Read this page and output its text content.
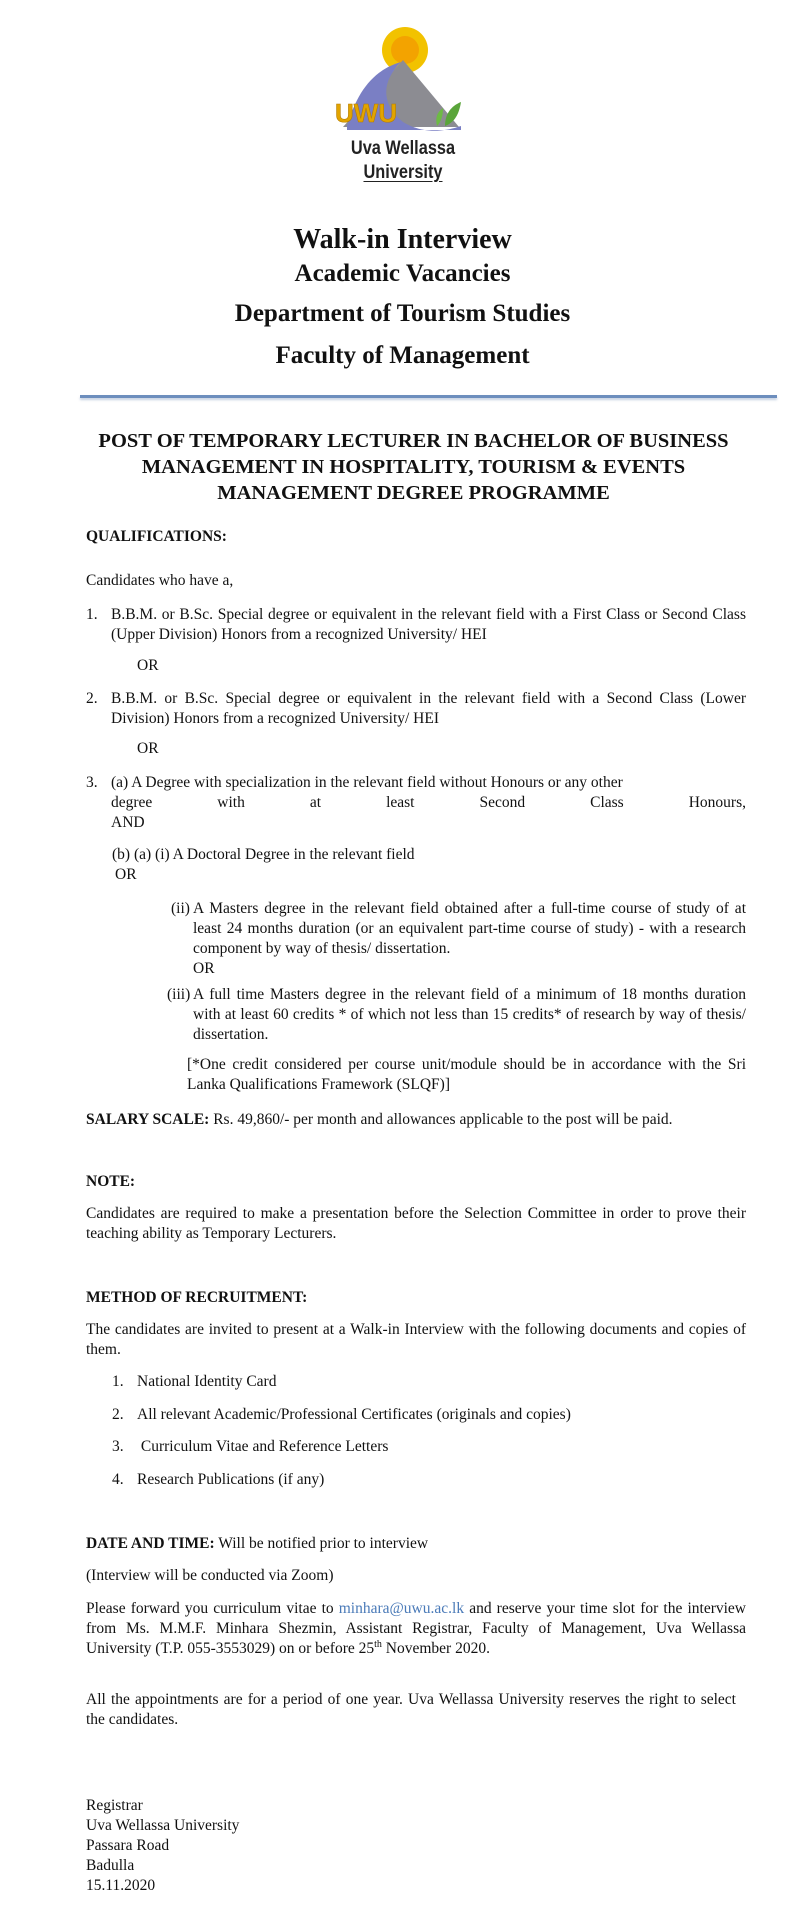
UWU
Uva Wellassa
University
Walk-in Interview
Academic Vacancies
Department of Tourism Studies
Faculty of Management
POST OF TEMPORARY LECTURER IN BACHELOR OF BUSINESS MANAGEMENT IN HOSPITALITY, TOURISM & EVENTS MANAGEMENT DEGREE PROGRAMME
QUALIFICATIONS:
Candidates who have a,
1. B.B.M. or B.Sc. Special degree or equivalent in the relevant field with a First Class or Second Class (Upper Division) Honors from a recognized University/ HEI
OR
2. B.B.M. or B.Sc. Special degree or equivalent in the relevant field with a Second Class (Lower Division) Honors from a recognized University/ HEI
OR
3. (a) A Degree with specialization in the relevant field without Honours or any other
degree with at least Second Class Honours,
AND
(b) (a) (i) A Doctoral Degree in the relevant field
OR
(ii) A Masters degree in the relevant field obtained after a full-time course of study of at least 24 months duration (or an equivalent part-time course of study) - with a research component by way of thesis/ dissertation.
OR
(iii) A full time Masters degree in the relevant field of a minimum of 18 months duration with at least 60 credits * of which not less than 15 credits* of research by way of thesis/ dissertation.
[*One credit considered per course unit/module should be in accordance with the Sri Lanka Qualifications Framework (SLQF)]
SALARY SCALE: Rs. 49,860/- per month and allowances applicable to the post will be paid.
NOTE:
Candidates are required to make a presentation before the Selection Committee in order to prove their teaching ability as Temporary Lecturers.
METHOD OF RECRUITMENT:
The candidates are invited to present at a Walk-in Interview with the following documents and copies of them.
1. National Identity Card
2. All relevant Academic/Professional Certificates (originals and copies)
3. Curriculum Vitae and Reference Letters
4. Research Publications (if any)
DATE AND TIME: Will be notified prior to interview
(Interview will be conducted via Zoom)
Please forward you curriculum vitae to minhara@uwu.ac.lk and reserve your time slot for the interview from Ms. M.M.F. Minhara Shezmin, Assistant Registrar, Faculty of Management, Uva Wellassa University (T.P. 055-3553029) on or before 25th November 2020.
All the appointments are for a period of one year. Uva Wellassa University reserves the right to select the candidates.
Registrar
Uva Wellassa University
Passara Road
Badulla
15.11.2020
